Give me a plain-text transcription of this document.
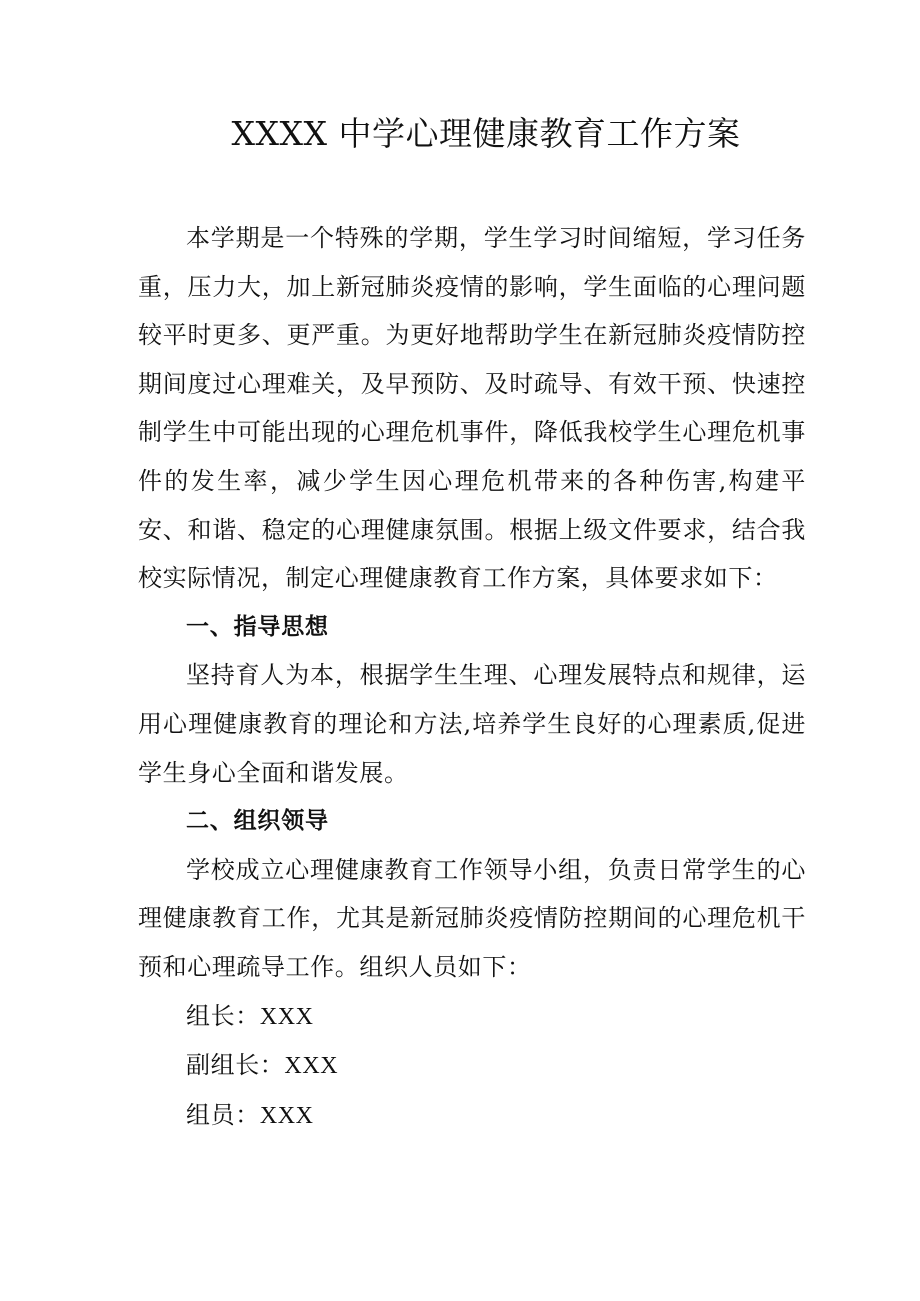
XXXX 中学心理健康教育工作方案

本学期是一个特殊的学期，学生学习时间缩短，学习任务重，压力大，加上新冠肺炎疫情的影响，学生面临的心理问题较平时更多、更严重。为更好地帮助学生在新冠肺炎疫情防控期间度过心理难关，及早预防、及时疏导、有效干预、快速控制学生中可能出现的心理危机事件，降低我校学生心理危机事件的发生率，减少学生因心理危机带来的各种伤害,构建平安、和谐、稳定的心理健康氛围。根据上级文件要求，结合我校实际情况，制定心理健康教育工作方案，具体要求如下：

一、指导思想

坚持育人为本，根据学生生理、心理发展特点和规律，运用心理健康教育的理论和方法,培养学生良好的心理素质,促进学生身心全面和谐发展。

二、组织领导

学校成立心理健康教育工作领导小组，负责日常学生的心理健康教育工作，尤其是新冠肺炎疫情防控期间的心理危机干预和心理疏导工作。组织人员如下：

组长：XXX

副组长：XXX

组员：XXX
